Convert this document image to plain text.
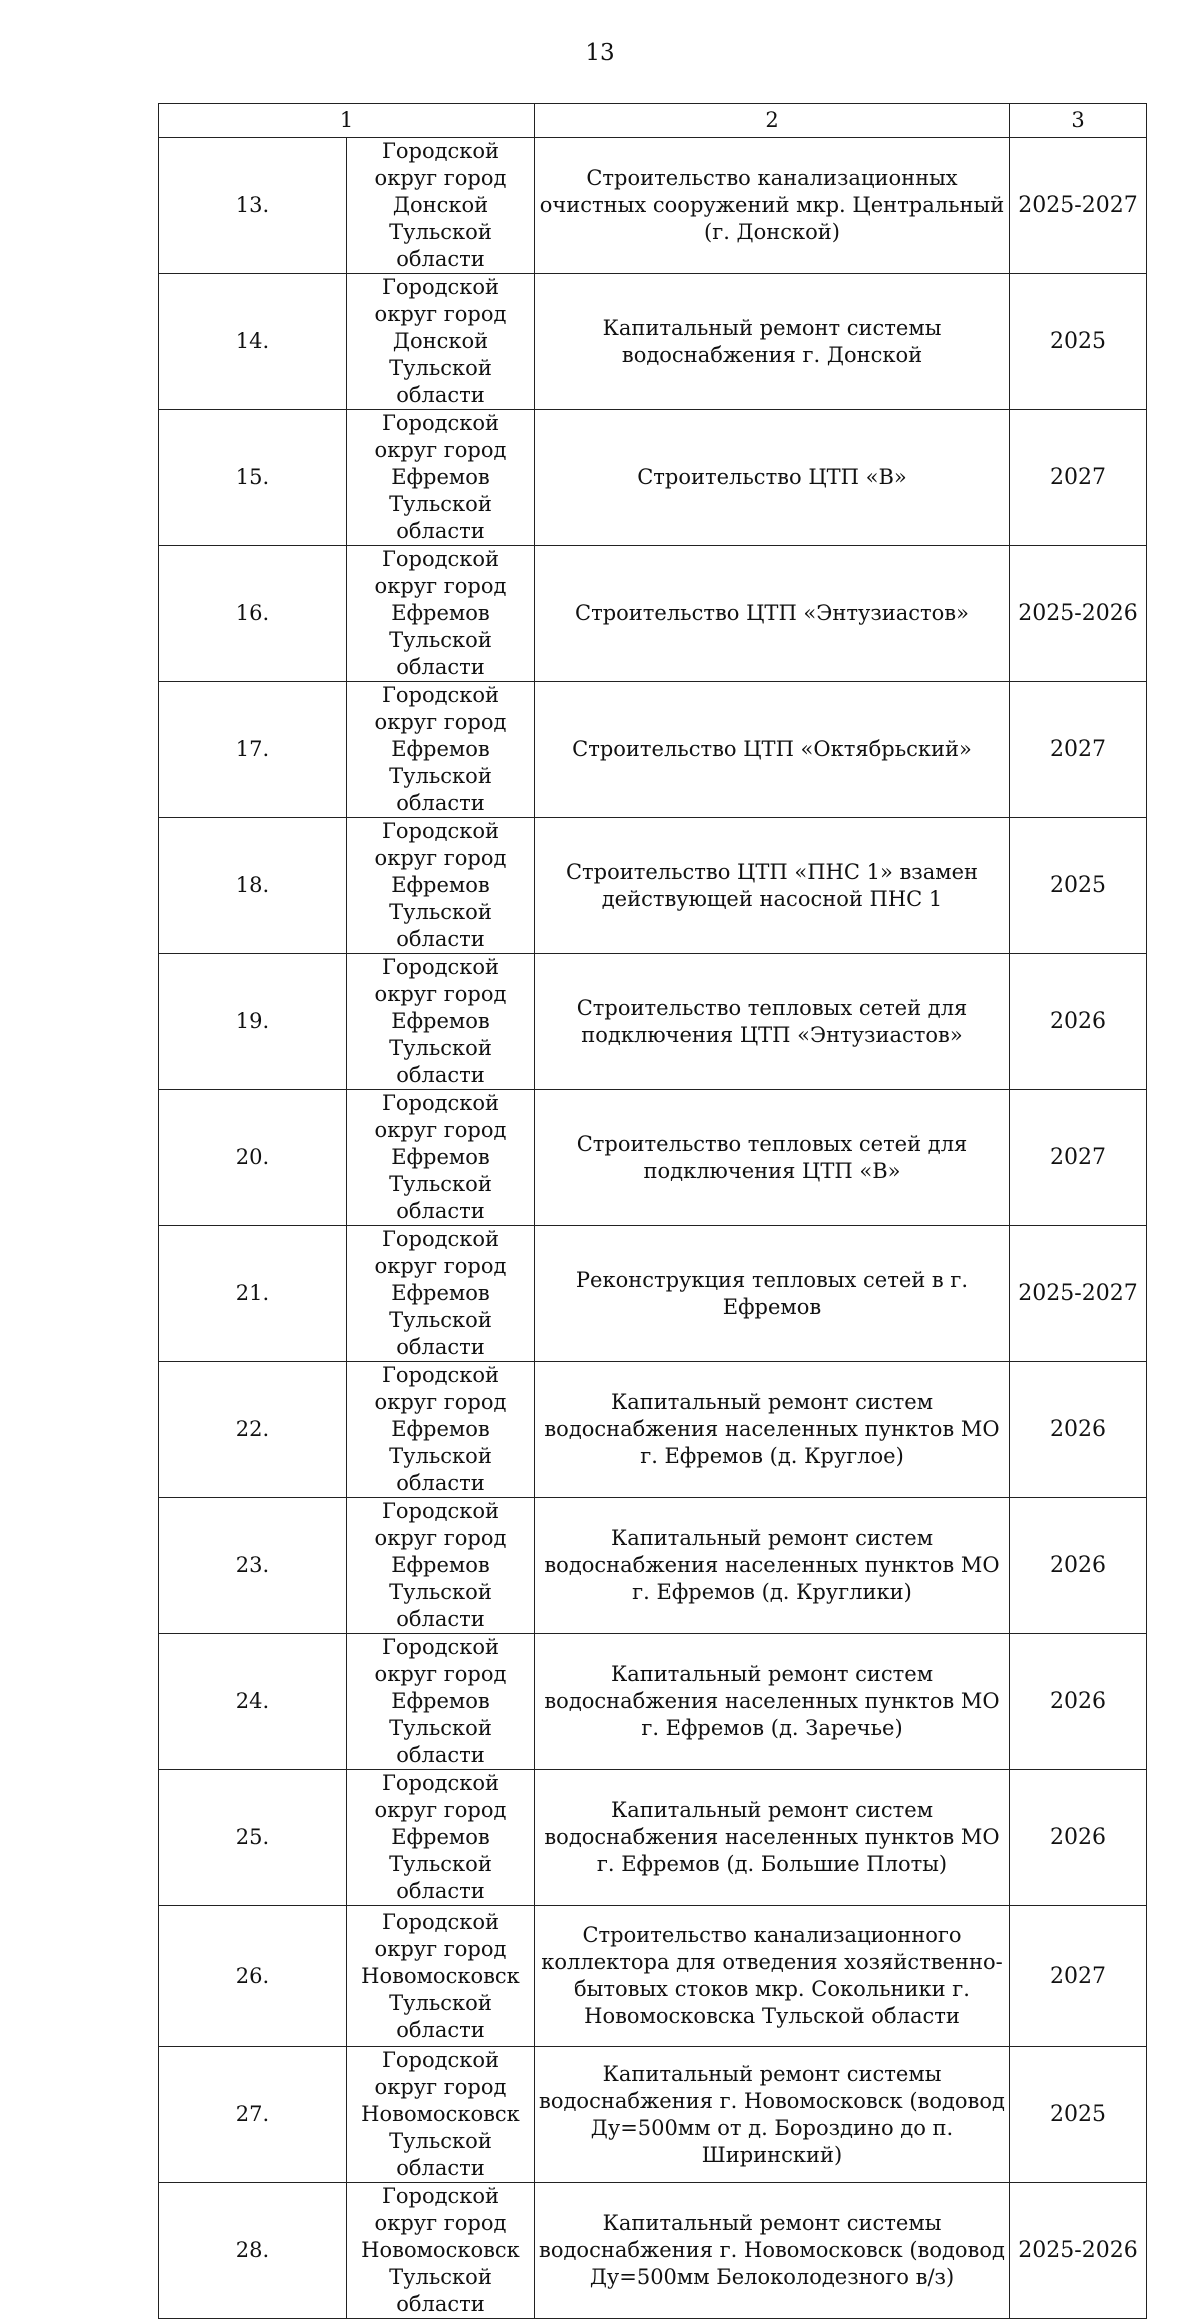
13
1		2	3
13.	Городской округ город Донской Тульской области	Строительство канализационных очистных сооружений мкр. Центральный (г. Донской)	2025-2027
14.	Городской округ город Донской Тульской области	Капитальный ремонт системы водоснабжения г. Донской	2025
15.	Городской округ город Ефремов Тульской области	Строительство ЦТП «В»	2027
16.	Городской округ город Ефремов Тульской области	Строительство ЦТП «Энтузиастов»	2025-2026
17.	Городской округ город Ефремов Тульской области	Строительство ЦТП «Октябрьский»	2027
18.	Городской округ город Ефремов Тульской области	Строительство ЦТП «ПНС 1» взамен действующей насосной ПНС 1	2025
19.	Городской округ город Ефремов Тульской области	Строительство тепловых сетей для подключения ЦТП «Энтузиастов»	2026
20.	Городской округ город Ефремов Тульской области	Строительство тепловых сетей для подключения ЦТП «В»	2027
21.	Городской округ город Ефремов Тульской области	Реконструкция тепловых сетей в г. Ефремов	2025-2027
22.	Городской округ город Ефремов Тульской области	Капитальный ремонт систем водоснабжения населенных пунктов МО г. Ефремов (д. Круглое)	2026
23.	Городской округ город Ефремов Тульской области	Капитальный ремонт систем водоснабжения населенных пунктов МО г. Ефремов (д. Круглики)	2026
24.	Городской округ город Ефремов Тульской области	Капитальный ремонт систем водоснабжения населенных пунктов МО г. Ефремов (д. Заречье)	2026
25.	Городской округ город Ефремов Тульской области	Капитальный ремонт систем водоснабжения населенных пунктов МО г. Ефремов (д. Большие Плоты)	2026
26.	Городской округ город Новомосковск Тульской области	Строительство канализационного коллектора для отведения хозяйственно-бытовых стоков мкр. Сокольники г. Новомосковска Тульской области	2027
27.	Городской округ город Новомосковск Тульской области	Капитальный ремонт системы водоснабжения г. Новомосковск (водовод Ду=500мм от д. Бороздино до п. Ширинский)	2025
28.	Городской округ город Новомосковск Тульской области	Капитальный ремонт системы водоснабжения г. Новомосковск (водовод Ду=500мм Белоколодезного в/з)	2025-2026
